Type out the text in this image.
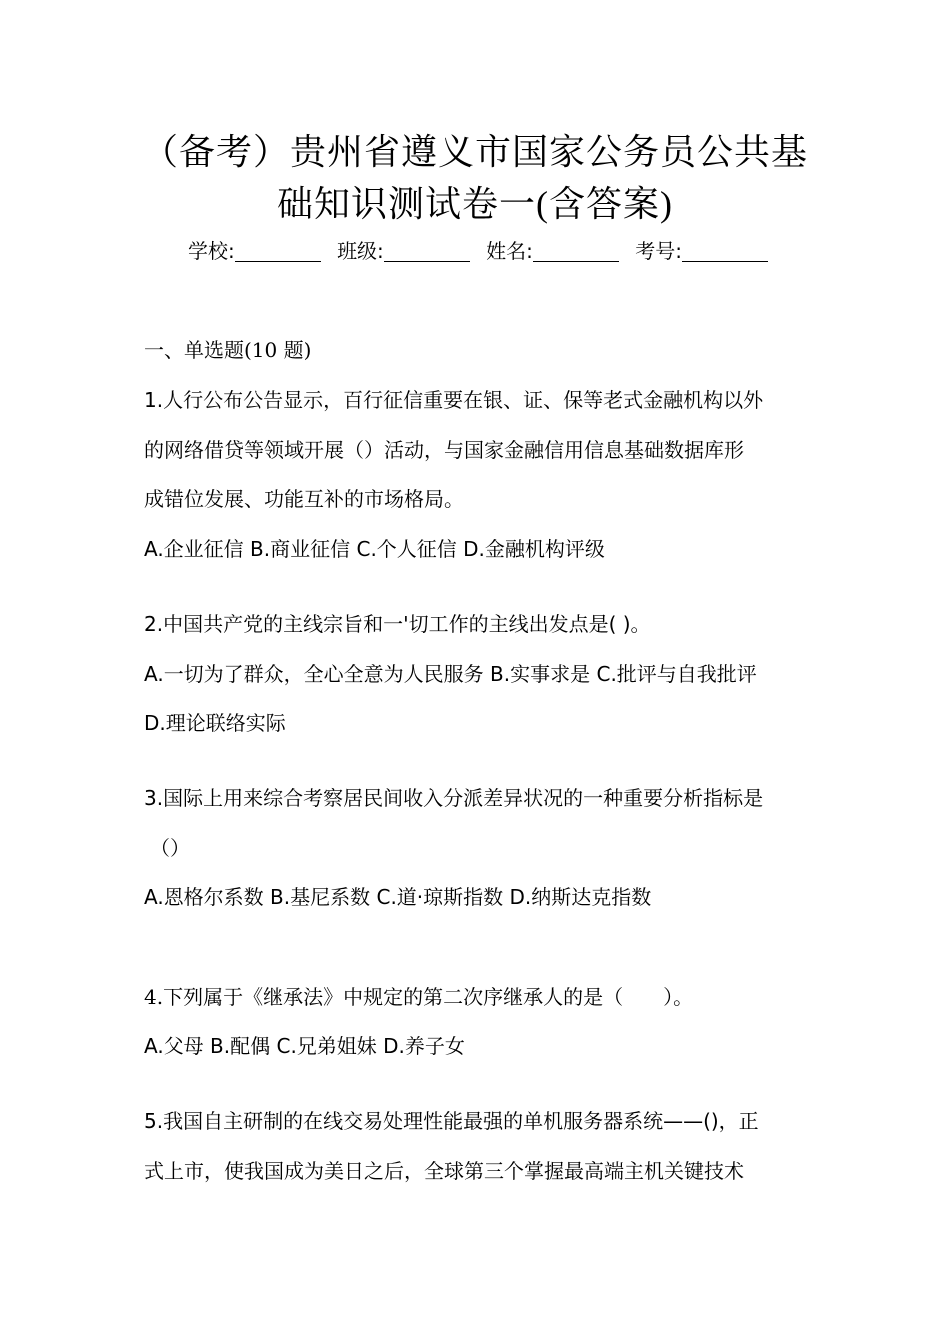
（备考）贵州省遵义市国家公务员公共基
础知识测试卷一(含答案)
学校:	班级:	姓名:	考号:
一、单选题(10 题)
1.人行公布公告显示，百行征信重要在银、证、保等老式金融机构以外
的网络借贷等领域开展（）活动，与国家金融信用信息基础数据库形
成错位发展、功能互补的市场格局。
A.企业征信 B.商业征信 C.个人征信 D.金融机构评级
2.中国共产党的主线宗旨和一'切工作的主线出发点是( )。
A.一切为了群众，全心全意为人民服务 B.实事求是 C.批评与自我批评
D.理论联络实际
3.国际上用来综合考察居民间收入分派差异状况的一种重要分析指标是
（）
A.恩格尔系数 B.基尼系数 C.道·琼斯指数 D.纳斯达克指数
4.下列属于《继承法》中规定的第二次序继承人的是（　　）。
A.父母 B.配偶 C.兄弟姐妹 D.养子女
5.我国自主研制的在线交易处理性能最强的单机服务器系统——()，正
式上市，使我国成为美日之后，全球第三个掌握最高端主机关键技术
